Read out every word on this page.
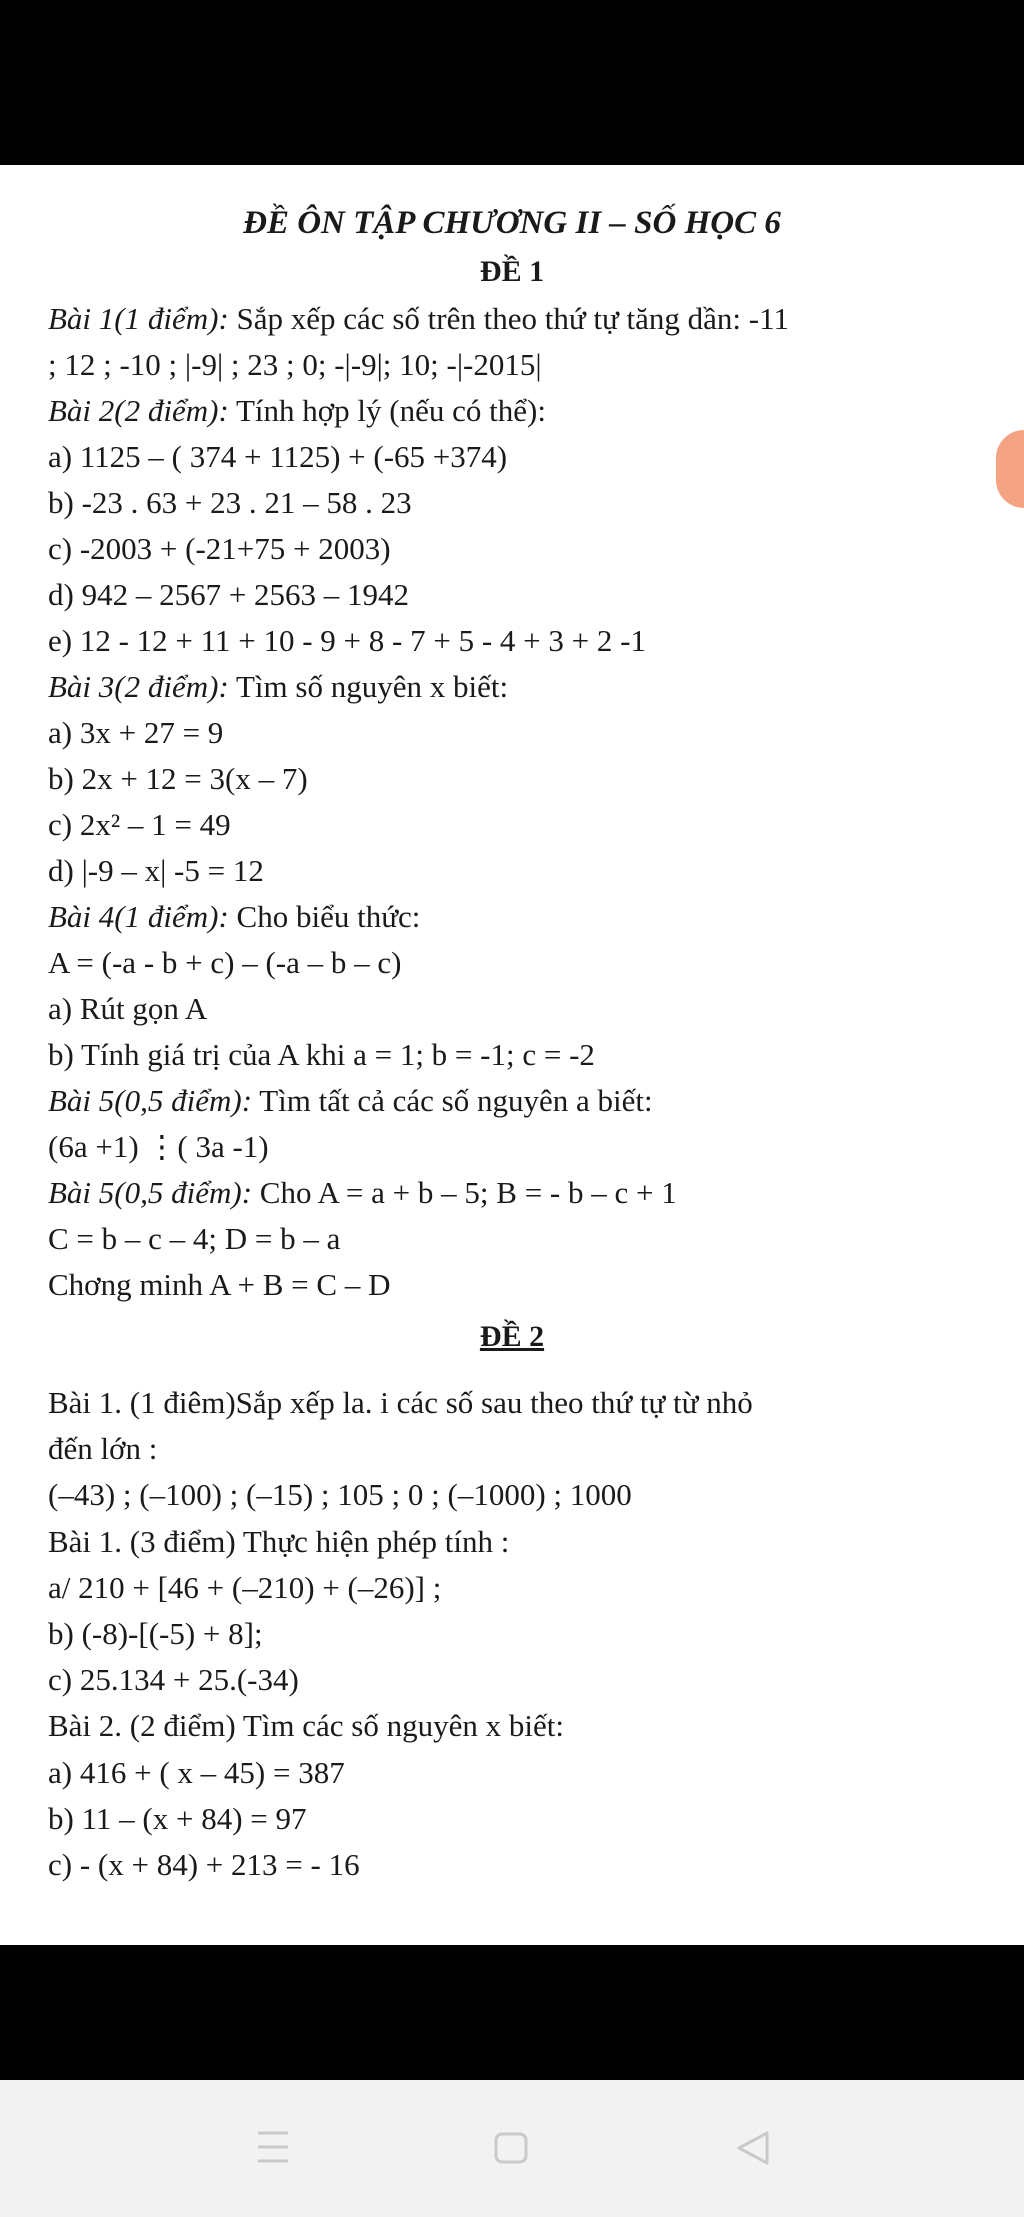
ĐỀ ÔN TẬP CHƯƠNG II – SỐ HỌC 6
ĐỀ 1
Bài 1(1 điểm): Sắp xếp các số trên theo thứ tự tăng dần: -11
; 12 ; -10 ; |-9| ; 23 ; 0; -|-9|; 10; -|-2015|
Bài 2(2 điểm): Tính hợp lý (nếu có thể):
a) 1125 – ( 374 + 1125) + (-65 +374)
b) -23 . 63 + 23 . 21 – 58 . 23
c) -2003 + (-21+75 + 2003)
d) 942 – 2567 + 2563 – 1942
e) 12 - 12 + 11 + 10 - 9 + 8 - 7 + 5 - 4 + 3 + 2 -1
Bài 3(2 điểm): Tìm số nguyên x biết:
a) 3x + 27 = 9
b) 2x + 12 = 3(x – 7)
c) 2x² – 1 = 49
d) |-9 – x| -5 = 12
Bài 4(1 điểm): Cho biểu thức:
A = (-a - b + c) – (-a – b – c)
a) Rút gọn A
b) Tính giá trị của A khi a = 1; b = -1; c = -2
Bài 5(0,5 điểm): Tìm tất cả các số nguyên a biết:
(6a +1) ⋮( 3a -1)
Bài 5(0,5 điểm): Cho A = a + b – 5; B = - b – c + 1
C = b – c – 4; D = b – a
Chơng minh A + B = C – D
ĐỀ 2
Bài 1. (1 điêm)Sắp xếp la. i các số sau theo thứ tự từ nhỏ
đến lớn :
(–43) ; (–100) ; (–15) ; 105 ; 0 ; (–1000) ; 1000
Bài 1. (3 điểm) Thực hiện phép tính :
a/ 210 + [46 + (–210) + (–26)] ;
b) (-8)-[(-5) + 8];
c) 25.134 + 25.(-34)
Bài 2. (2 điểm) Tìm các số nguyên x biết:
a) 416 + ( x – 45) = 387
b) 11 – (x + 84) = 97
c) - (x + 84) + 213 = - 16
